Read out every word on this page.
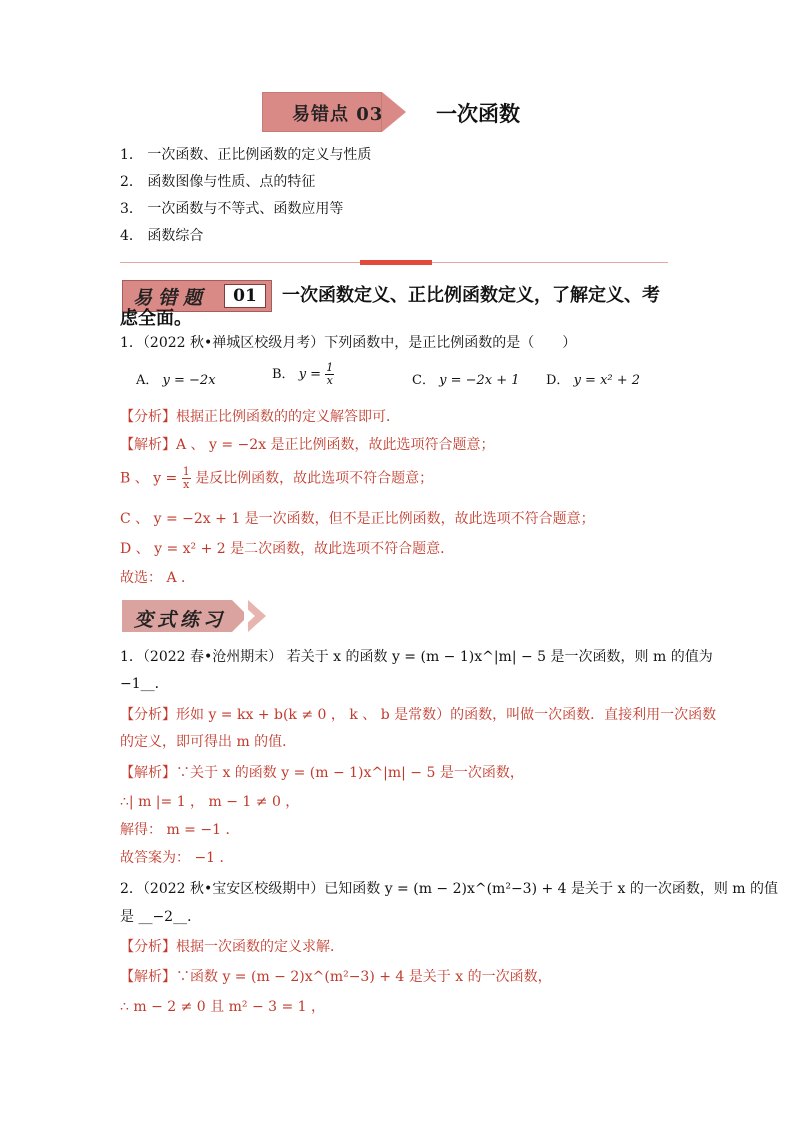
易错点 03	一次函数
1． 一次函数、正比例函数的定义与性质
2． 函数图像与性质、点的特征
3． 一次函数与不等式、函数应用等
4． 函数综合
易错题	01	一次函数定义、正比例函数定义，了解定义、考
虑全面。
1．（2022 秋•禅城区校级月考）下列函数中，是正比例函数的是（　　）
A． y = −2x	B． $y = \frac{1}{x}$	C． y = −2x + 1 D． y = x² + 2
【分析】根据正比例函数的的定义解答即可．
【解析】A 、 y = −2x 是正比例函数，故此选项符合题意；
B 、 $y = \frac{1}{x}$ 是反比例函数，故此选项不符合题意；
C 、 y = −2x + 1 是一次函数，但不是正比例函数，故此选项不符合题意；
D 、 y = x² + 2 是二次函数，故此选项不符合题意．
故选： A ．
变式练习
1．（2022 春•沧州期末） 若关于 x 的函数 y = (m − 1)x^|m| − 5 是一次函数，则 m 的值为
−1__．
【分析】形如 y = kx + b(k ≠ 0 ， k 、 b 是常数）的函数，叫做一次函数．直接利用一次函数
的定义，即可得出 m 的值．
【解析】∵关于 x 的函数 y = (m − 1)x^|m| − 5 是一次函数，
∴| m |= 1 ， m − 1 ≠ 0 ，
解得： m = −1 ．
故答案为： −1 ．
2．（2022 秋•宝安区校级期中）已知函数 y = (m − 2)x^(m²−3) + 4 是关于 x 的一次函数，则 m 的值
是 __−2__．
【分析】根据一次函数的定义求解．
【解析】∵函数 y = (m − 2)x^(m²−3) + 4 是关于 x 的一次函数，
∴ m − 2 ≠ 0 且 m² − 3 = 1 ，
